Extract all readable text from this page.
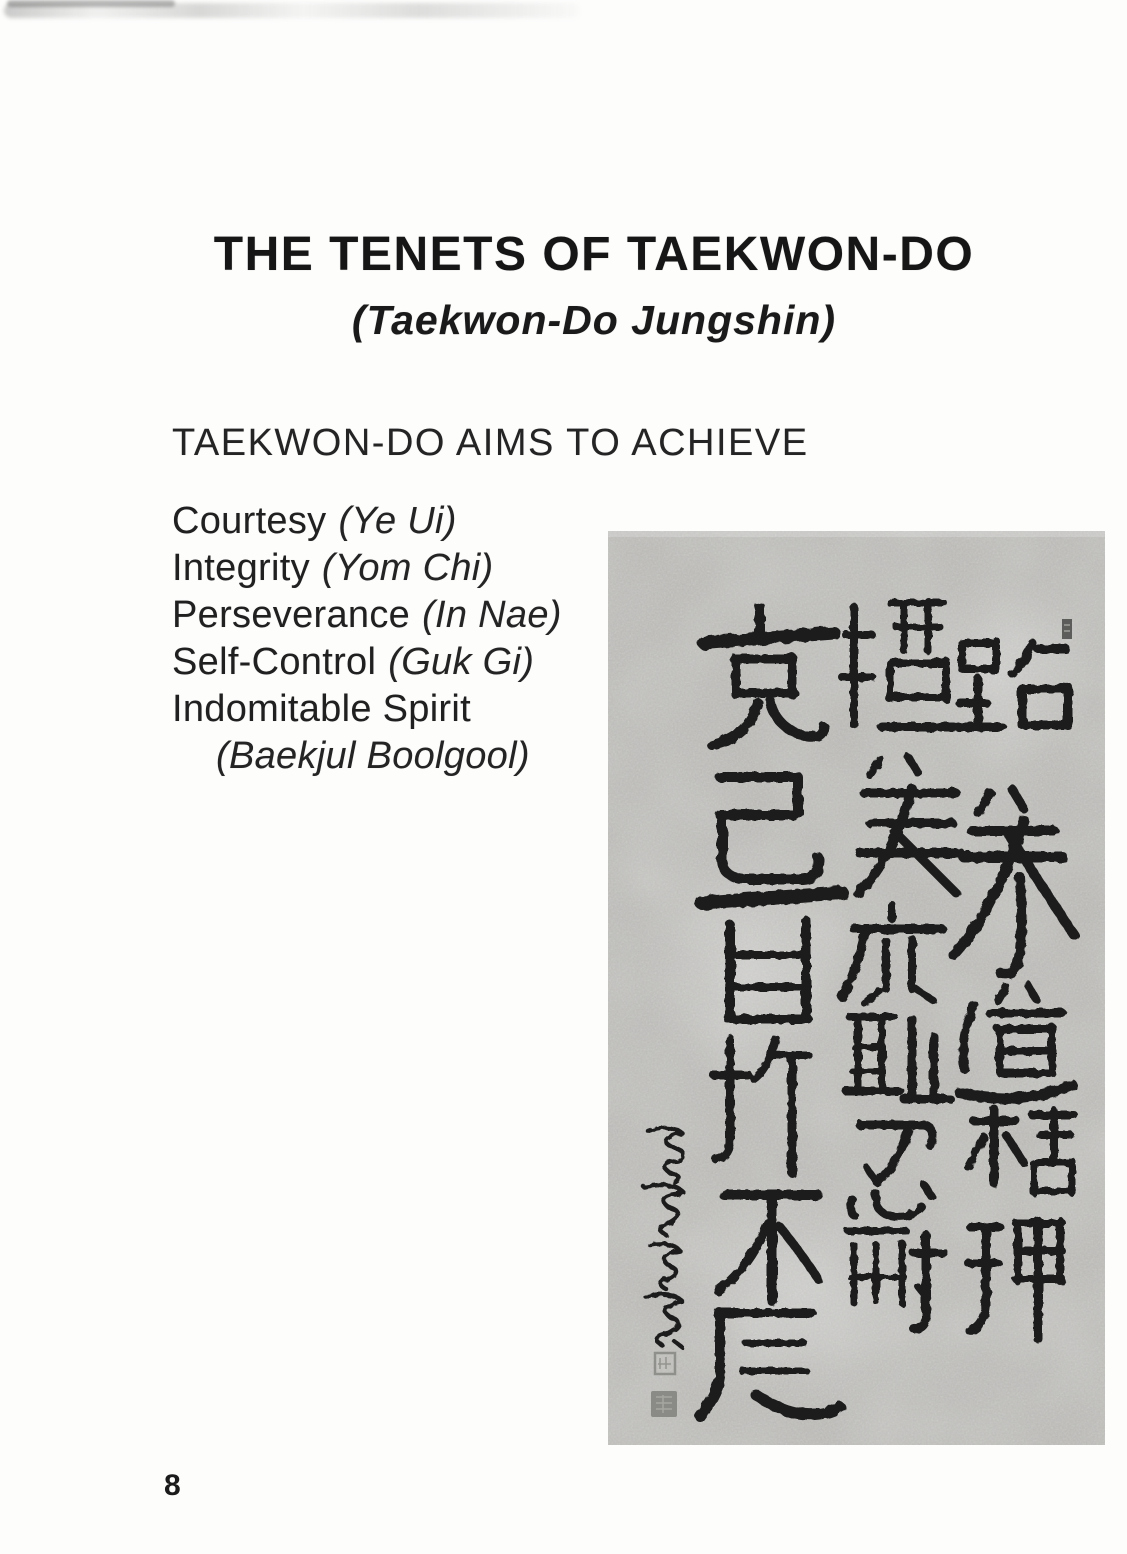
THE TENETS OF TAEKWON-DO
(Taekwon-Do Jungshin)
TAEKWON-DO AIMS TO ACHIEVE
Courtesy (Ye Ui)
Integrity (Yom Chi)
Perseverance (In Nae)
Self-Control (Guk Gi)
Indomitable Spirit
(Baekjul Boolgool)
8
